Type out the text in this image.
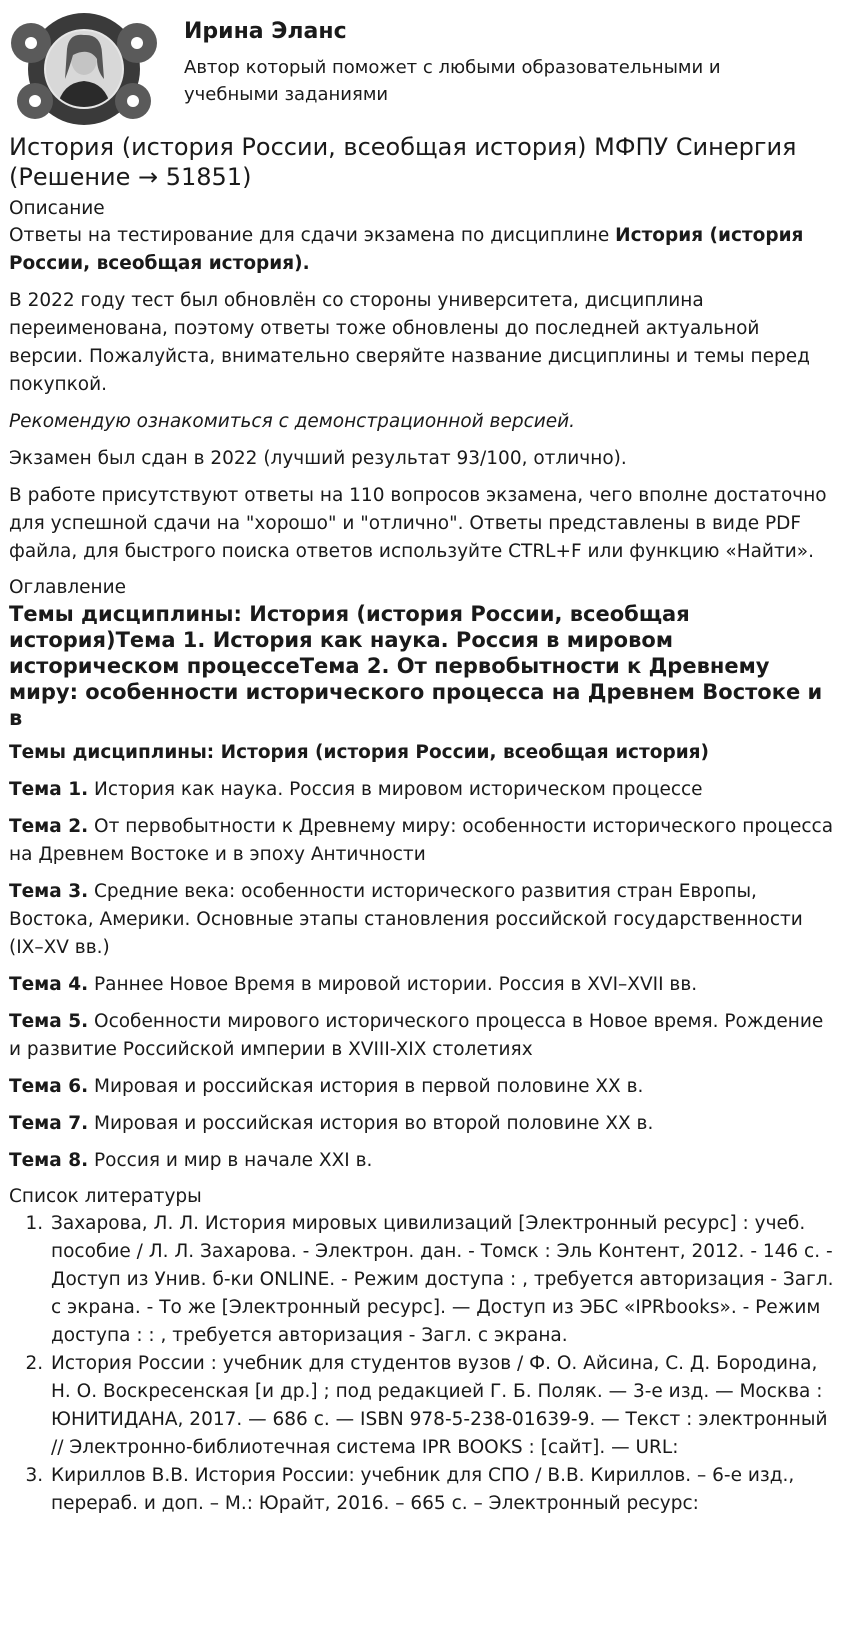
Ирина Эланс
Автор который поможет с любыми образовательными и учебными заданиями
История (история России, всеобщая история) МФПУ Синергия (Решение → 51851)
Описание

Ответы на тестирование для сдачи экзамена по дисциплине История (история России, всеобщая история).

В 2022 году тест был обновлён со стороны университета, дисциплина переименована, поэтому ответы тоже обновлены до последней актуальной версии. Пожалуйста, внимательно сверяйте название дисциплины и темы перед покупкой.

Рекомендую ознакомиться с демонстрационной версией.

Экзамен был сдан в 2022 (лучший результат 93/100, отлично).

В работе присутствуют ответы на 110 вопросов экзамена, чего вполне достаточно для успешной сдачи на "хорошо" и "отлично". Ответы представлены в виде PDF файла, для быстрого поиска ответов используйте CTRL+F или функцию «Найти».

Оглавление
Темы дисциплины: История (история России, всеобщая история)Тема 1. История как наука. Россия в мировом историческом процессеТема 2. От первобытности к Древнему миру: особенности исторического процесса на Древнем Востоке и в

Темы дисциплины: История (история России, всеобщая история)

Тема 1. История как наука. Россия в мировом историческом процессе

Тема 2. От первобытности к Древнему миру: особенности исторического процесса на Древнем Востоке и в эпоху Античности

Тема 3. Средние века: особенности исторического развития стран Европы, Востока, Америки. Основные этапы становления российской государственности (IX–XV вв.)

Тема 4. Раннее Новое Время в мировой истории. Россия в XVI–XVII вв.

Тема 5. Особенности мирового исторического процесса в Новое время. Рождение и развитие Российской империи в XVIII-XIX столетиях

Тема 6. Мировая и российская история в первой половине XX в.

Тема 7. Мировая и российская история во второй половине XX в.

Тема 8. Россия и мир в начале XXI в.

Список литературы
1. Захарова, Л. Л. История мировых цивилизаций [Электронный ресурс] : учеб. пособие / Л. Л. Захарова. - Электрон. дан. - Томск : Эль Контент, 2012. - 146 с. - Доступ из Унив. б-ки ONLINE. - Режим доступа : , требуется авторизация - Загл. с экрана. - То же [Электронный ресурс]. — Доступ из ЭБС «IPRbooks». - Режим доступа : : , требуется авторизация - Загл. с экрана.
2. История России : учебник для студентов вузов / Ф. О. Айсина, С. Д. Бородина, Н. О. Воскресенская [и др.] ; под редакцией Г. Б. Поляк. — 3-е изд. — Москва : ЮНИТИДАНА, 2017. — 686 c. — ISBN 978-5-238-01639-9. — Текст : электронный // Электронно-библиотечная система IPR BOOKS : [сайт]. — URL:
3. Кириллов В.В. История России: учебник для СПО / В.В. Кириллов. – 6-е изд., перераб. и доп. – М.: Юрайт, 2016. – 665 с. – Электронный ресурс:
